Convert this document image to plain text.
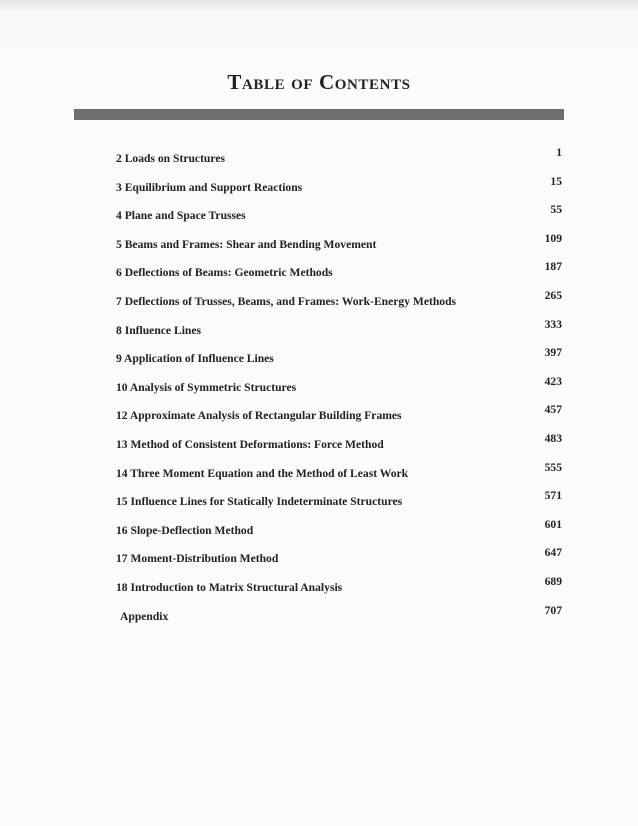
Table of Contents
2 Loads on Structures	1
3 Equilibrium and Support Reactions	15
4 Plane and Space Trusses	55
5 Beams and Frames: Shear and Bending Movement	109
6 Deflections of Beams: Geometric Methods	187
7 Deflections of Trusses, Beams, and Frames: Work-Energy Methods	265
8 Influence Lines	333
9 Application of Influence Lines	397
10 Analysis of Symmetric Structures	423
12 Approximate Analysis of Rectangular Building Frames	457
13 Method of Consistent Deformations: Force Method	483
14 Three Moment Equation and the Method of Least Work	555
15 Influence Lines for Statically Indeterminate Structures	571
16 Slope-Deflection Method	601
17 Moment-Distribution Method	647
18 Introduction to Matrix Structural Analysis	689
Appendix	707
